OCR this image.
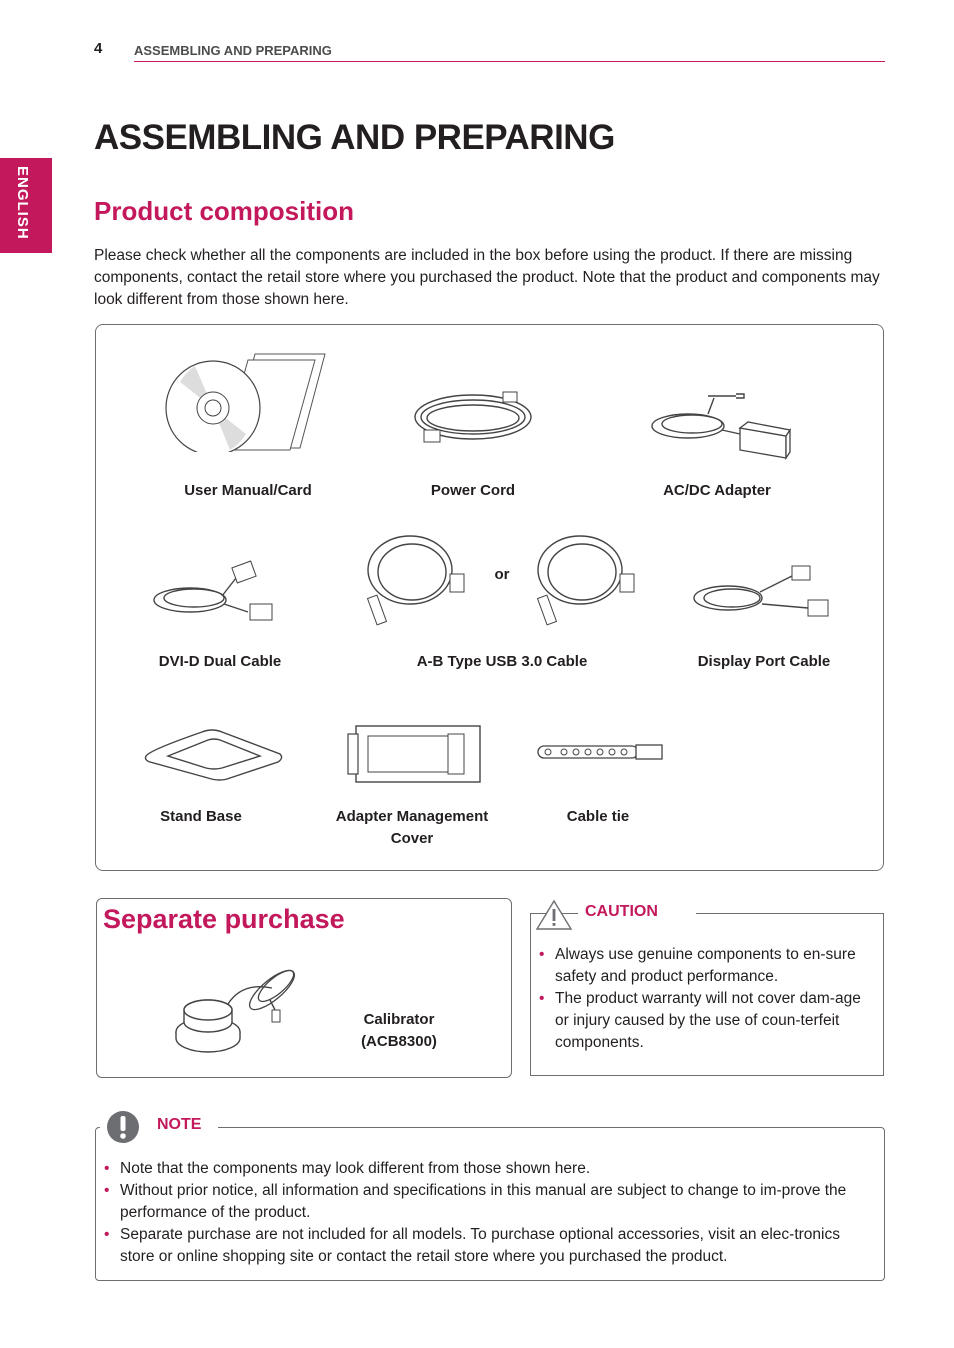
4 ASSEMBLING AND PREPARING
ENGLISH
ASSEMBLING AND PREPARING
Product composition
Please check whether all the components are included in the box before using the product. If there are missing components, contact the retail store where you purchased the product. Note that the product and components may look different from those shown here.
User Manual/Card	Power Cord	AC/DC Adapter
or
DVI-D Dual Cable	A-B Type USB 3.0 Cable	Display Port Cable
Stand Base	Adapter Management
Cover
Cable tie
Separate purchase
Calibrator
(ACB8300)
CAUTION
• Always use genuine components to en-sure safety and product performance.
• The product warranty will not cover dam-age or injury caused by the use of coun-terfeit components.
NOTE
• Note that the components may look different from those shown here.
• Without prior notice, all information and specifications in this manual are subject to change to im-prove the performance of the product.
• Separate purchase are not included for all models. To purchase optional accessories, visit an elec-tronics store or online shopping site or contact the retail store where you purchased the product.
